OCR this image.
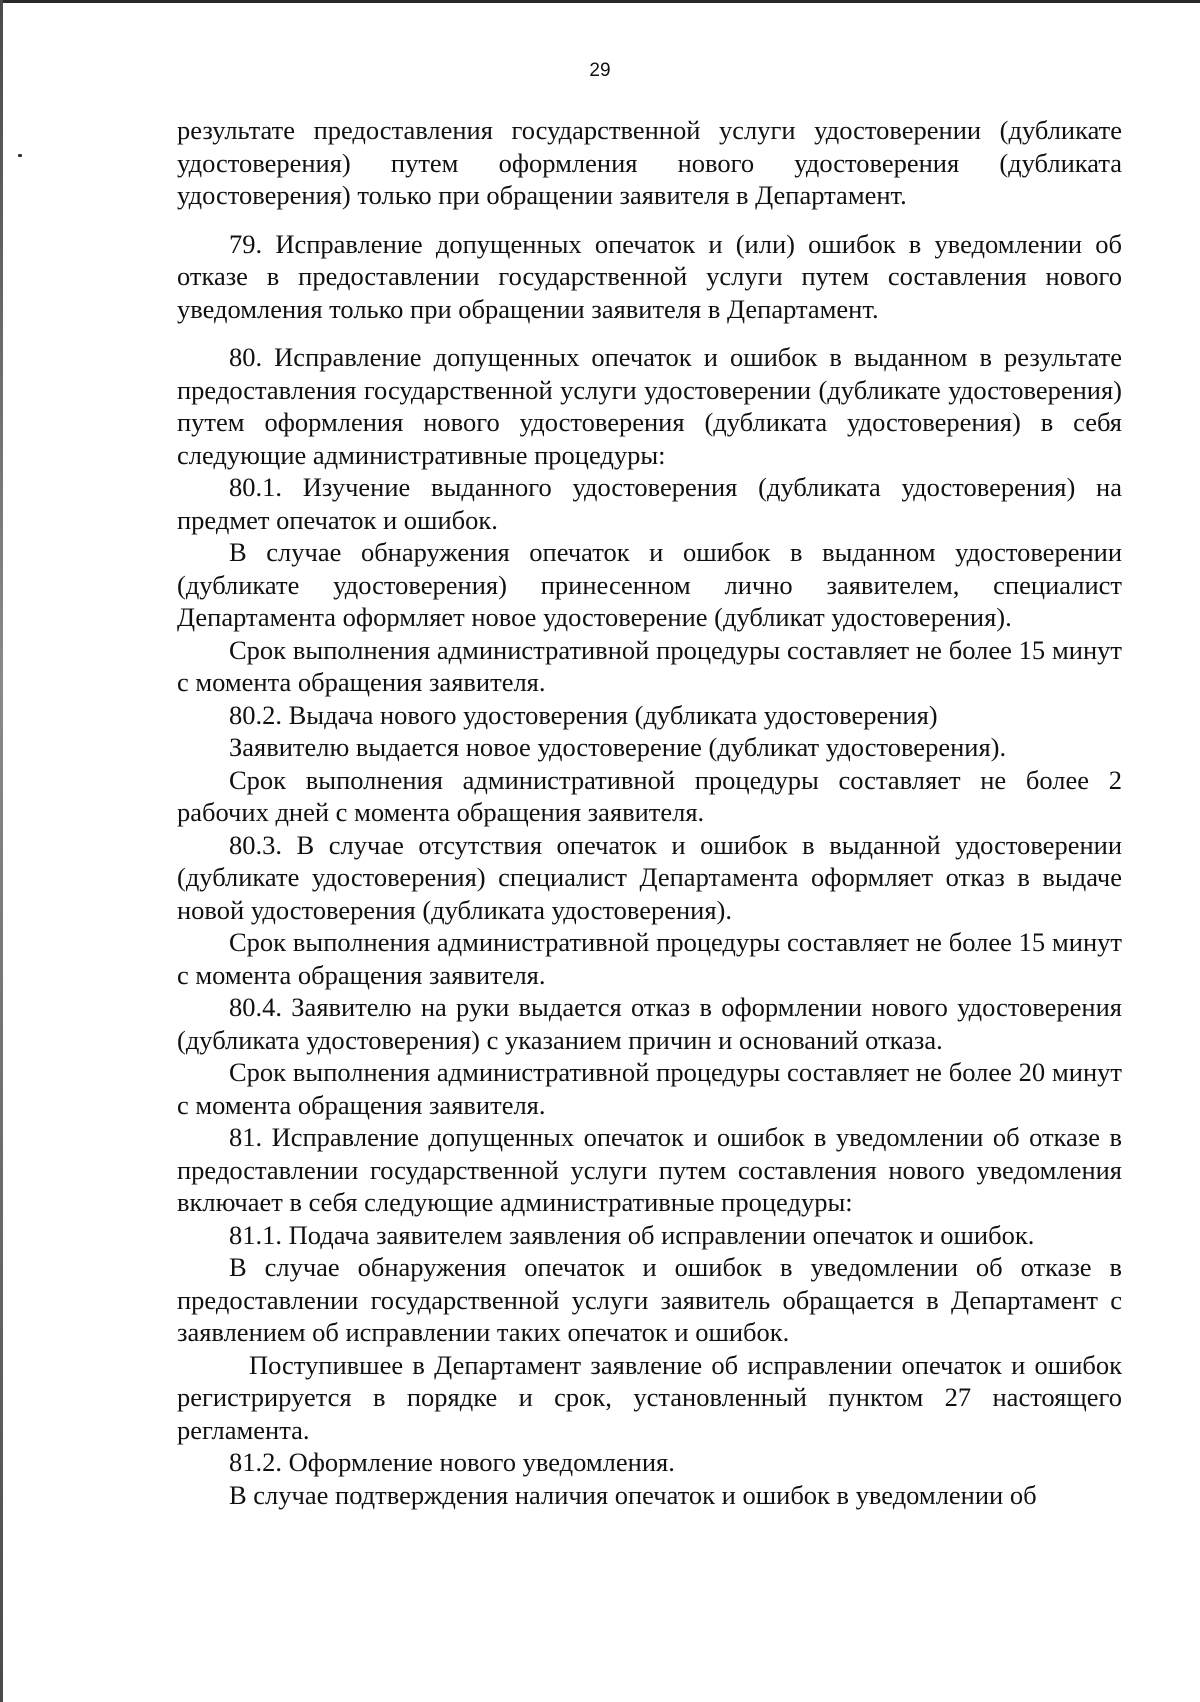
29

результате предоставления государственной услуги удостоверении (дубликате удостоверения) путем оформления нового удостоверения (дубликата удостоверения) только при обращении заявителя в Департамент.

79. Исправление допущенных опечаток и (или) ошибок в уведомлении об отказе в предоставлении государственной услуги путем составления нового уведомления только при обращении заявителя в Департамент.

80. Исправление допущенных опечаток и ошибок в выданном в результате предоставления государственной услуги удостоверении (дубликате удостоверения) путем оформления нового удостоверения (дубликата удостоверения) в себя следующие административные процедуры:

80.1. Изучение выданного удостоверения (дубликата удостоверения) на предмет опечаток и ошибок.

В случае обнаружения опечаток и ошибок в выданном удостоверении (дубликате удостоверения) принесенном лично заявителем, специалист Департамента оформляет новое удостоверение (дубликат удостоверения).

Срок выполнения административной процедуры составляет не более 15 минут с момента обращения заявителя.

80.2. Выдача нового удостоверения (дубликата удостоверения)

Заявителю выдается новое удостоверение (дубликат удостоверения).

Срок выполнения административной процедуры составляет не более 2 рабочих дней с момента обращения заявителя.

80.3. В случае отсутствия опечаток и ошибок в выданной удостоверении (дубликате удостоверения) специалист Департамента оформляет отказ в выдаче новой удостоверения (дубликата удостоверения).

Срок выполнения административной процедуры составляет не более 15 минут с момента обращения заявителя.

80.4. Заявителю на руки выдается отказ в оформлении нового удостоверения (дубликата удостоверения) с указанием причин и оснований отказа.

Срок выполнения административной процедуры составляет не более 20 минут с момента обращения заявителя.

81. Исправление допущенных опечаток и ошибок в уведомлении об отказе в предоставлении государственной услуги путем составления нового уведомления включает в себя следующие административные процедуры:

81.1. Подача заявителем заявления об исправлении опечаток и ошибок.

В случае обнаружения опечаток и ошибок в уведомлении об отказе в предоставлении государственной услуги заявитель обращается в Департамент с заявлением об исправлении таких опечаток и ошибок.

Поступившее в Департамент заявление об исправлении опечаток и ошибок регистрируется в порядке и срок, установленный пунктом 27 настоящего регламента.

81.2. Оформление нового уведомления.

В случае подтверждения наличия опечаток и ошибок в уведомлении об
